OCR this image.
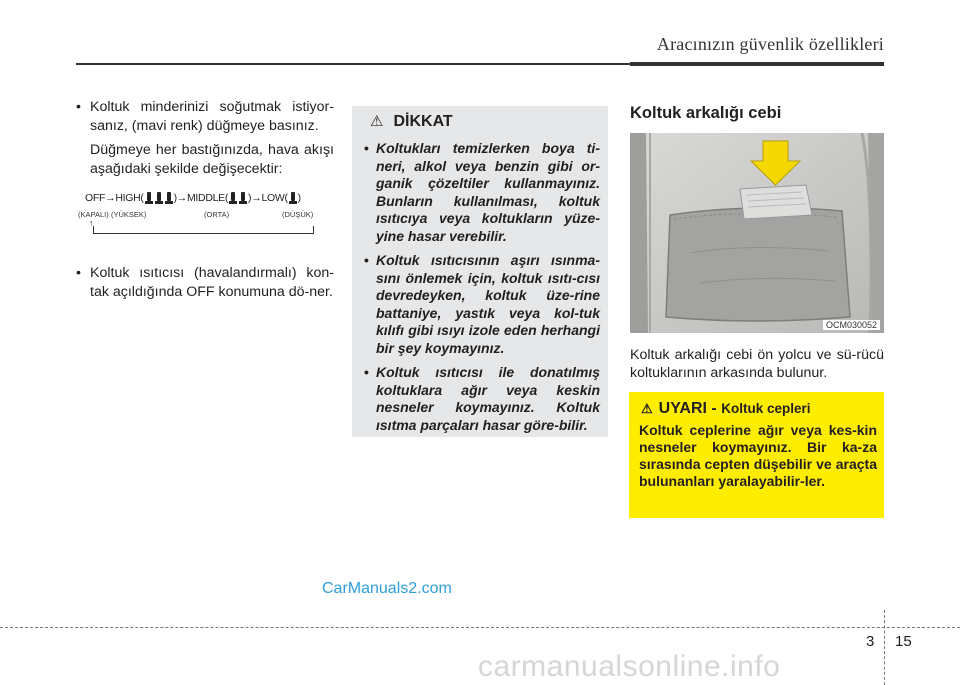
Aracınızın güvenlik özellikleri
• Koltuk minderinizi soğutmak istiyor-sanız, (mavi renk) düğmeye basınız.
Düğmeye her bastığınızda, hava akışı aşağıdaki şekilde değişecektir:
OFF→HIGH(	)→MIDDLE( )→LOW( )
(KAPALI) (YÜKSEK)	(ORTA)	(DÜŞÜK)
↑
• Koltuk ısıtıcısı (havalandırmalı) kon-tak açıldığında OFF konumuna dö-ner.
⚠ DİKKAT
• Koltukları temizlerken boya ti-neri, alkol veya benzin gibi or-ganik çözeltiler kullanmayınız. Bunların kullanılması, koltuk ısıtıcıya veya koltukların yüze-yine hasar verebilir.
• Koltuk ısıtıcısının aşırı ısınma-sını önlemek için, koltuk ısıtı-cısı devredeyken, koltuk üze-rine battaniye, yastık veya kol-tuk kılıfı gibi ısıyı izole eden herhangi bir şey koymayınız.
• Koltuk ısıtıcısı ile donatılmış koltuklara ağır veya keskin nesneler koymayınız. Koltuk ısıtma parçaları hasar göre-bilir.
Koltuk arkalığı cebi
OCM030052
Koltuk arkalığı cebi ön yolcu ve sü-rücü koltuklarının arkasında bulunur.
⚠ UYARI - Koltuk cepleri
Koltuk ceplerine ağır veya kes-kin nesneler koymayınız. Bir ka-za sırasında cepten düşebilir ve araçta bulunanları yaralayabilir-ler.
CarManuals2.com
3 15
carmanualsonline.info
